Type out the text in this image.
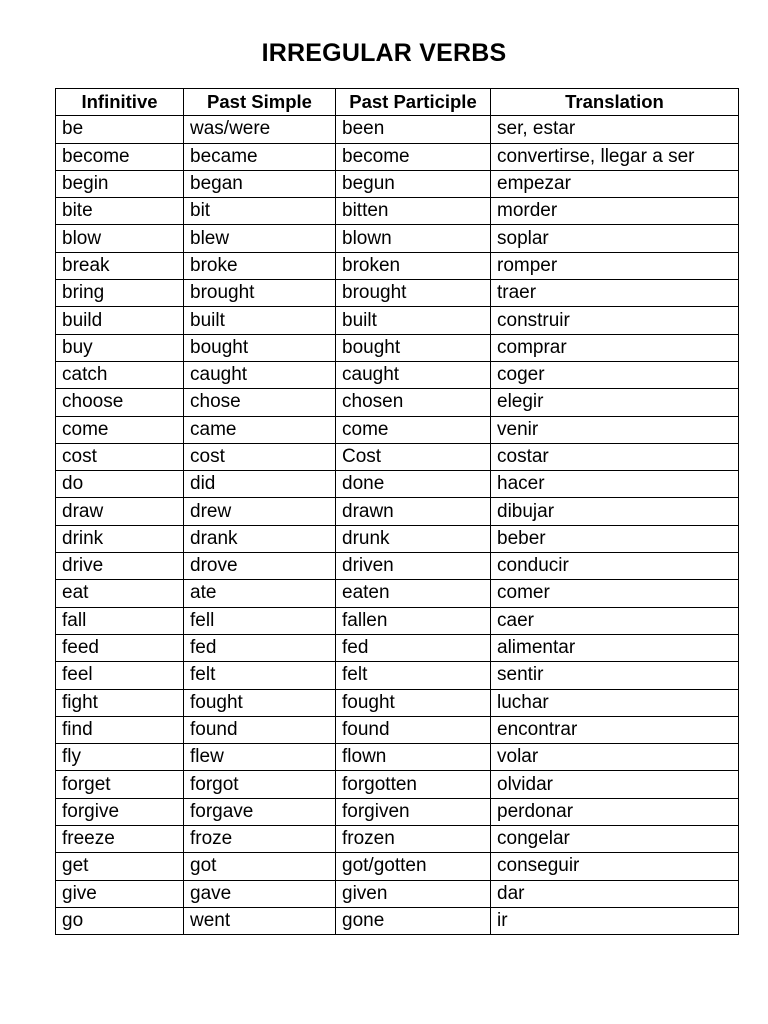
IRREGULAR VERBS
Infinitive	Past Simple	Past Participle	Translation
be	was/were	been	ser, estar
become	became	become	convertirse, llegar a ser
begin	began	begun	empezar
bite	bit	bitten	morder
blow	blew	blown	soplar
break	broke	broken	romper
bring	brought	brought	traer
build	built	built	construir
buy	bought	bought	comprar
catch	caught	caught	coger
choose	chose	chosen	elegir
come	came	come	venir
cost	cost	Cost	costar
do	did	done	hacer
draw	drew	drawn	dibujar
drink	drank	drunk	beber
drive	drove	driven	conducir
eat	ate	eaten	comer
fall	fell	fallen	caer
feed	fed	fed	alimentar
feel	felt	felt	sentir
fight	fought	fought	luchar
find	found	found	encontrar
fly	flew	flown	volar
forget	forgot	forgotten	olvidar
forgive	forgave	forgiven	perdonar
freeze	froze	frozen	congelar
get	got	got/gotten	conseguir
give	gave	given	dar
go	went	gone	ir
